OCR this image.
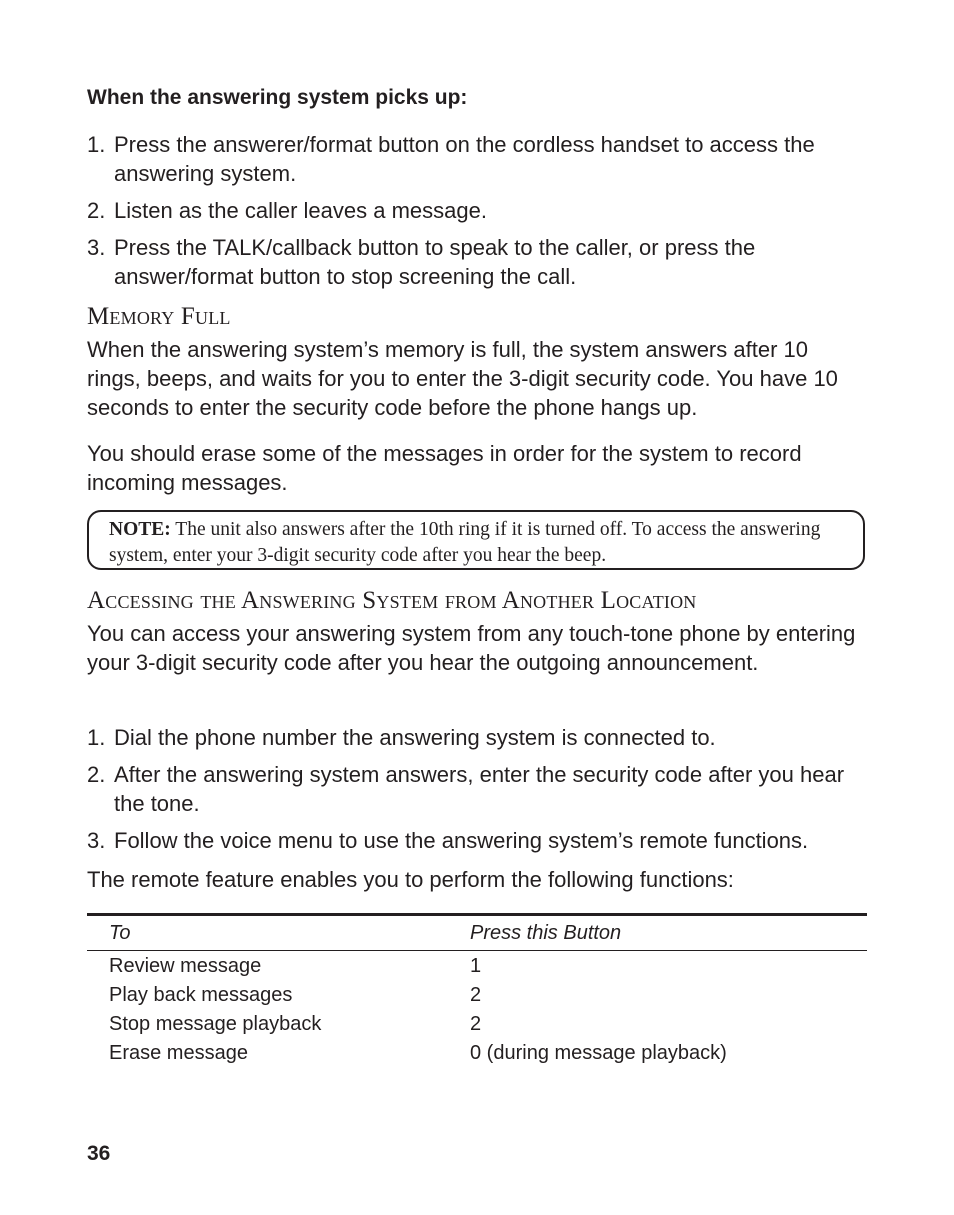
When the answering system picks up:
1. Press the answerer/format button on the cordless handset to access the answering system.
2. Listen as the caller leaves a message.
3. Press the TALK/callback button to speak to the caller, or press the answer/format button to stop screening the call.
Memory Full

When the answering system’s memory is full, the system answers after 10 rings, beeps, and waits for you to enter the 3-digit security code. You have 10 seconds to enter the security code before the phone hangs up.

You should erase some of the messages in order for the system to record incoming messages.

NOTE: The unit also answers after the 10th ring if it is turned off. To access the answering system, enter your 3-digit security code after you hear the beep.
Accessing the Answering System from Another Location

You can access your answering system from any touch-tone phone by entering your 3-digit security code after you hear the outgoing announcement.

1. Dial the phone number the answering system is connected to.
2. After the answering system answers, enter the security code after you hear the tone.
3. Follow the voice menu to use the answering system’s remote functions.

The remote feature enables you to perform the following functions:

To	Press this Button
Review message	1
Play back messages	2
Stop message playback	2
Erase message	0 (during message playback)
36
